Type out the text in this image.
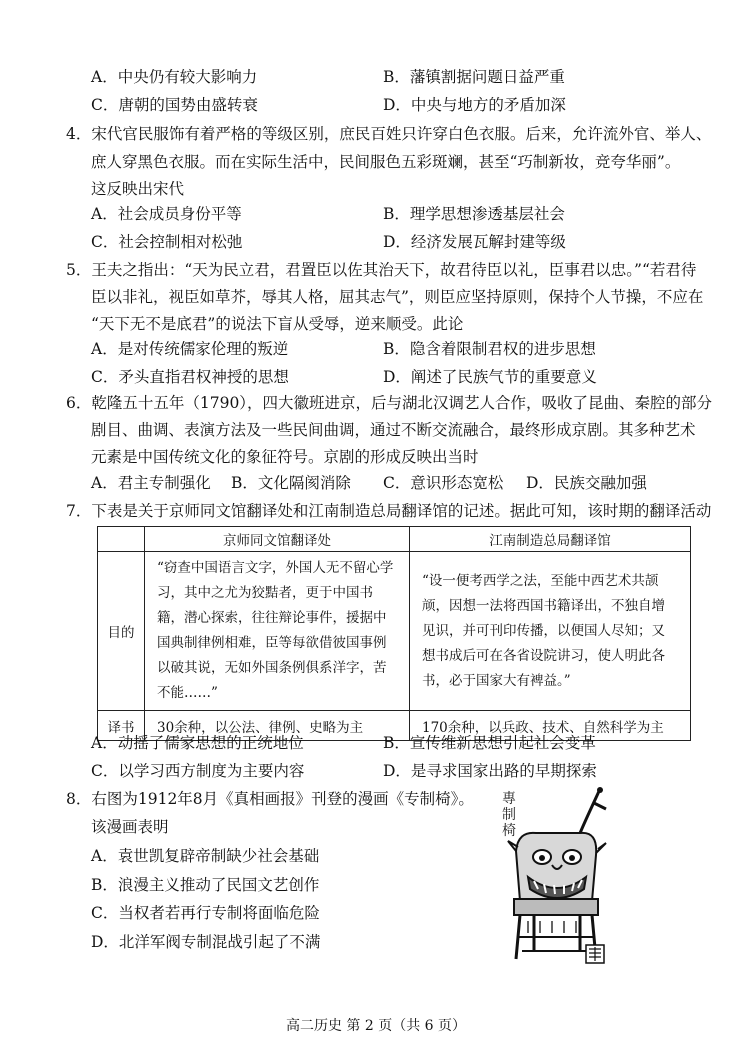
A．中央仍有较大影响力	B．藩镇割据问题日益严重
C．唐朝的国势由盛转衰	D．中央与地方的矛盾加深
4．宋代官民服饰有着严格的等级区别，庶民百姓只许穿白色衣服。后来，允许流外官、举人、
庶人穿黑色衣服。而在实际生活中，民间服色五彩斑斓，甚至“巧制新妆，竞夸华丽”。
这反映出宋代
A．社会成员身份平等	B．理学思想渗透基层社会
C．社会控制相对松弛	D．经济发展瓦解封建等级
5．王夫之指出：“天为民立君，君置臣以佐其治天下，故君待臣以礼，臣事君以忠。”“若君待
臣以非礼，视臣如草芥，辱其人格，屈其志气”，则臣应坚持原则，保持个人节操，不应在
“天下无不是底君”的说法下盲从受辱，逆来顺受。此论
A．是对传统儒家伦理的叛逆	B．隐含着限制君权的进步思想
C．矛头直指君权神授的思想	D．阐述了民族气节的重要意义
6．乾隆五十五年（1790），四大徽班进京，后与湖北汉调艺人合作，吸收了昆曲、秦腔的部分
剧目、曲调、表演方法及一些民间曲调，通过不断交流融合，最终形成京剧。其多种艺术
元素是中国传统文化的象征符号。京剧的形成反映出当时
A．君主专制强化 B．文化隔阂消除 C．意识形态宽松 D．民族交融加强
7．下表是关于京师同文馆翻译处和江南制造总局翻译馆的记述。据此可知，该时期的翻译活动
	京师同文馆翻译处	江南制造总局翻译馆
目的	“窃查中国语言文字，外国人无不留心学习，其中之尤为狡黠者，更于中国书籍，潜心探索，往往辩论事件，援据中国典制律例相难，臣等每欲借彼国事例以破其说，无如外国条例俱系洋字，苦不能……”	“设一便考西学之法，至能中西艺术共颉颃，因想一法将西国书籍译出，不独自增见识，并可刊印传播，以便国人尽知；又想书成后可在各省设院讲习，使人明此各书，必于国家大有裨益。”
译书	30余种，以公法、律例、史略为主	170余种，以兵政、技术、自然科学为主
A．动摇了儒家思想的正统地位	B．宣传维新思想引起社会变革
C．以学习西方制度为主要内容	D．是寻求国家出路的早期探索
8．右图为1912年8月《真相画报》刊登的漫画《专制椅》。
该漫画表明
A．袁世凯复辟帝制缺少社会基础
B．浪漫主义推动了民国文艺创作
C．当权者若再行专制将面临危险
D．北洋军阀专制混战引起了不满
專
制
椅
高二历史 第 2 页（共 6 页）
